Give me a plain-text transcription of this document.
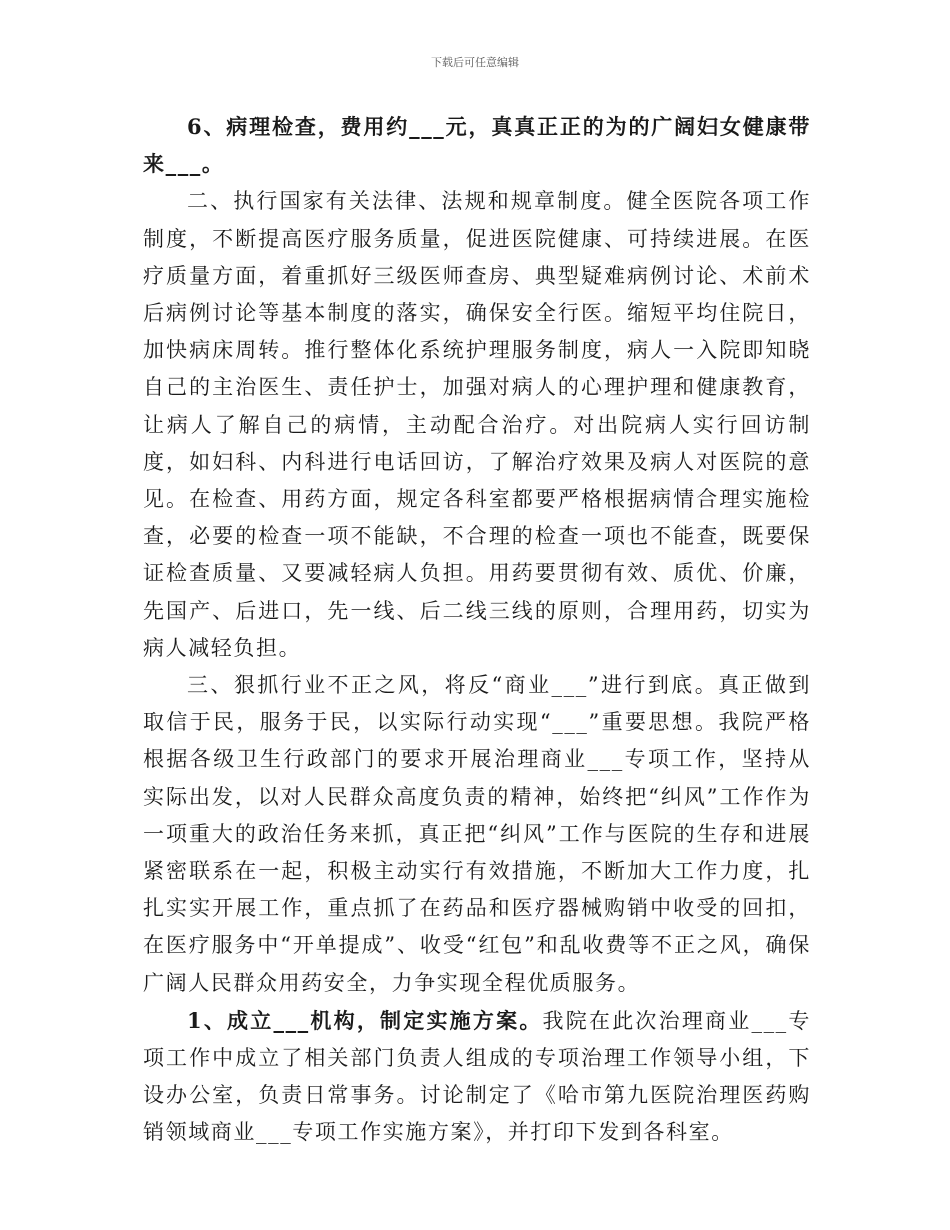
下载后可任意编辑

6、病理检查，费用约___元，真真正正的为的广阔妇女健康带来___。

二、执行国家有关法律、法规和规章制度。健全医院各项工作制度，不断提高医疗服务质量，促进医院健康、可持续进展。在医疗质量方面，着重抓好三级医师查房、典型疑难病例讨论、术前术后病例讨论等基本制度的落实，确保安全行医。缩短平均住院日，加快病床周转。推行整体化系统护理服务制度，病人一入院即知晓自己的主治医生、责任护士，加强对病人的心理护理和健康教育，让病人了解自己的病情，主动配合治疗。对出院病人实行回访制度，如妇科、内科进行电话回访，了解治疗效果及病人对医院的意见。在检查、用药方面，规定各科室都要严格根据病情合理实施检查，必要的检查一项不能缺，不合理的检查一项也不能查，既要保证检查质量、又要减轻病人负担。用药要贯彻有效、质优、价廉，先国产、后进口，先一线、后二线三线的原则，合理用药，切实为病人减轻负担。

三、狠抓行业不正之风，将反“商业___”进行到底。真正做到取信于民，服务于民，以实际行动实现“___”重要思想。我院严格根据各级卫生行政部门的要求开展治理商业___专项工作，坚持从实际出发，以对人民群众高度负责的精神，始终把“纠风”工作作为一项重大的政治任务来抓，真正把“纠风”工作与医院的生存和进展紧密联系在一起，积极主动实行有效措施，不断加大工作力度，扎扎实实开展工作，重点抓了在药品和医疗器械购销中收受的回扣，在医疗服务中“开单提成”、收受“红包”和乱收费等不正之风，确保广阔人民群众用药安全，力争实现全程优质服务。

1、成立___机构，制定实施方案。我院在此次治理商业___专项工作中成立了相关部门负责人组成的专项治理工作领导小组，下设办公室，负责日常事务。讨论制定了《哈市第九医院治理医药购销领域商业___专项工作实施方案》，并打印下发到各科室。
